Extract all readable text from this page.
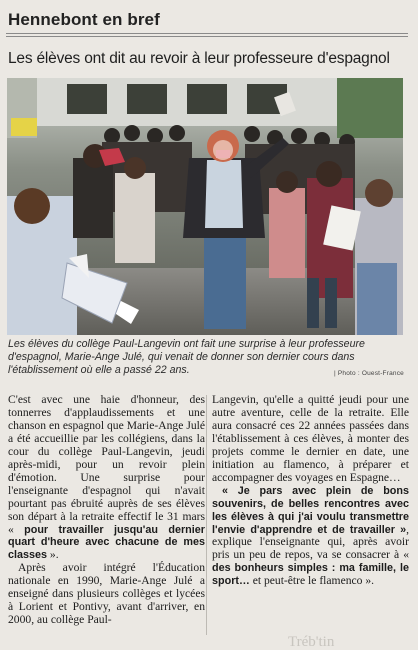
Hennebont en bref
Les élèves ont dit au revoir à leur professeure d'espagnol
Les élèves du collège Paul-Langevin ont fait une surprise à leur professeure d'espagnol, Marie-Ange Julé, qui venait de donner son dernier cours dans l'établissement où elle a passé 22 ans.	| Photo : Ouest-France

C'est avec une haie d'honneur, des tonnerres d'applaudissements et une chanson en espagnol que Marie-Ange Julé a été accueillie par les collégiens, dans la cour du collège Paul-Langevin, jeudi après-midi, pour un revoir plein d'émotion. Une surprise pour l'enseignante d'espagnol qui n'avait pourtant pas ébruité auprès de ses élèves son départ à la retraite effectif le 31 mars « pour travailler jusqu'au dernier quart d'heure avec chacune de mes classes ».

Après avoir intégré l'Éducation nationale en 1990, Marie-Ange Julé a enseigné dans plusieurs collèges et lycées à Lorient et Pontivy, avant d'arriver, en 2000, au collège Paul-

Langevin, qu'elle a quitté jeudi pour une autre aventure, celle de la retraite. Elle aura consacré ces 22 années passées dans l'établissement à ces élèves, à monter des projets comme le dernier en date, une initiation au flamenco, à préparer et accompagner des voyages en Espagne…

« Je pars avec plein de bons souvenirs, de belles rencontres avec les élèves à qui j'ai voulu transmettre l'envie d'apprendre et de travailler », explique l'enseignante qui, après avoir pris un peu de repos, va se consacrer à « des bonheurs simples : ma famille, le sport… et peut-être le flamenco ».

Tréb'tin
